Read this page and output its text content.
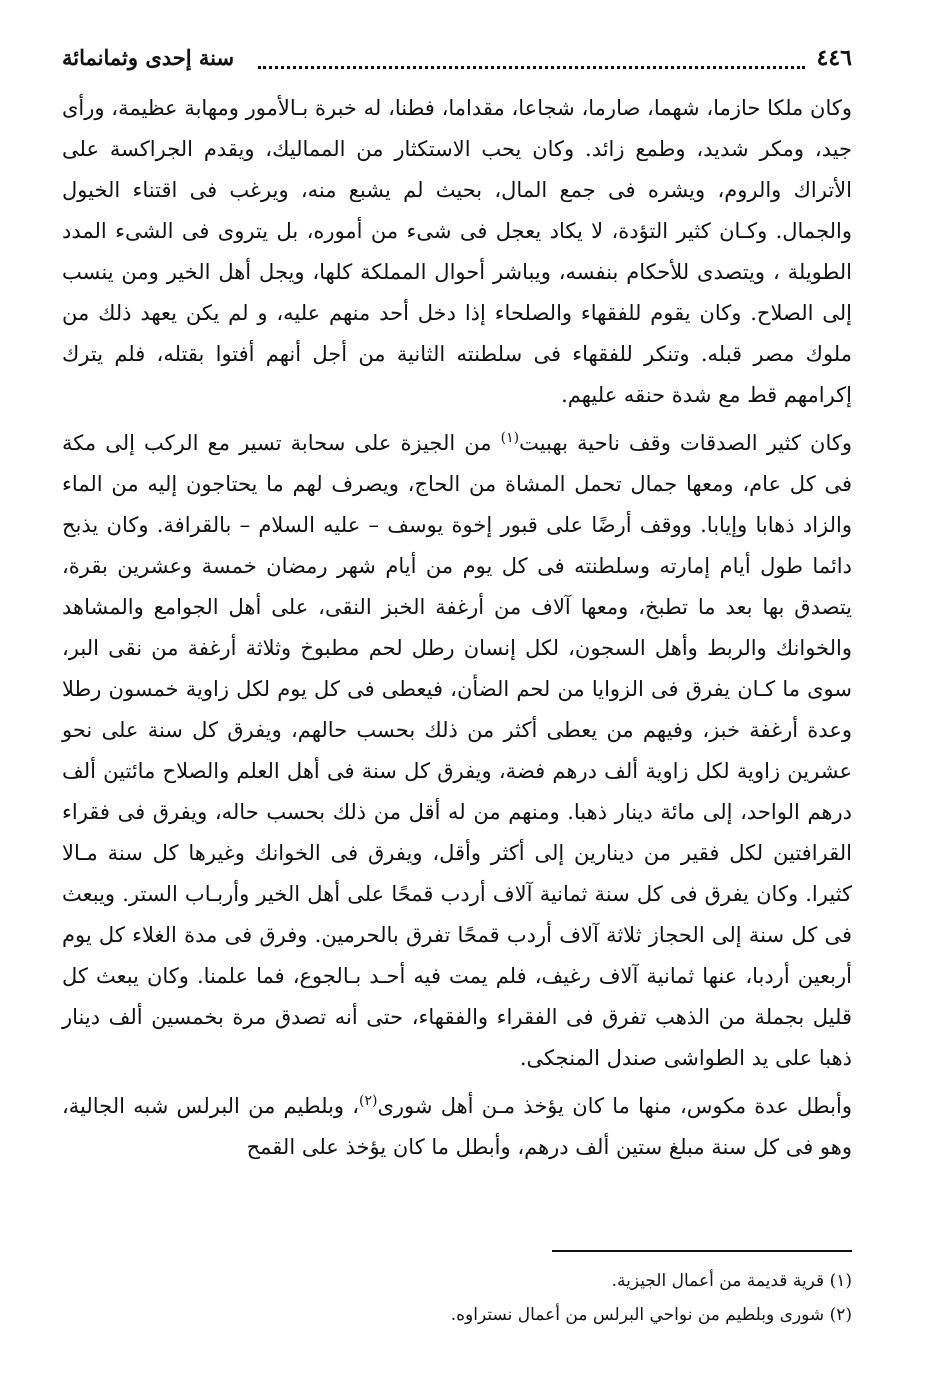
٤٤٦
سنة إحدى وثمانمائة

وكان ملكا حازما، شهما، صارما، شجاعا، مقداما، فطنا، له خبرة بـالأمور ومهابة عظيمة، ورأى جيد، ومكر شديد، وطمع زائد. وكان يحب الاستكثار من المماليك، ويقدم الجراكسة على الأتراك والروم، ويشره فى جمع المال، بحيث لم يشبع منه، ويرغب فى اقتناء الخيول والجمال. وكـان كثير التؤدة، لا يكاد يعجل فى شىء من أموره، بل يتروى فى الشىء المدد الطويلة ، ويتصدى للأحكام بنفسه، ويباشر أحوال المملكة كلها، ويجل أهل الخير ومن ينسب إلى الصلاح. وكان يقوم للفقهاء والصلحاء إذا دخل أحد منهم عليه، و لم يكن يعهد ذلك من ملوك مصر قبله. وتنكر للفقهاء فى سلطنته الثانية من أجل أنهم أفتوا بقتله، فلم يترك إكرامهم قط مع شدة حنقه عليهم.

وكان كثير الصدقات وقف ناحية بهبيت$^{(١)}$ من الجيزة على سحابة تسير مع الركب إلى مكة فى كل عام، ومعها جمال تحمل المشاة من الحاج، ويصرف لهم ما يحتاجون إليه من الماء والزاد ذهابا وإيابا. ووقف أرضًا على قبور إخوة يوسف – عليه السلام – بالقرافة. وكان يذبح دائما طول أيام إمارته وسلطنته فى كل يوم من أيام شهر رمضان خمسة وعشرين بقرة، يتصدق بها بعد ما تطبخ، ومعها آلاف من أرغفة الخبز النقى، على أهل الجوامع والمشاهد والخوانك والربط وأهل السجون، لكل إنسان رطل لحم مطبوخ وثلاثة أرغفة من نقى البر، سوى ما كـان يفرق فى الزوايا من لحم الضأن، فيعطى فى كل يوم لكل زاوية خمسون رطلا وعدة أرغفة خبز، وفيهم من يعطى أكثر من ذلك بحسب حالهم، ويفرق كل سنة على نحو عشرين زاوية لكل زاوية ألف درهم فضة، ويفرق كل سنة فى أهل العلم والصلاح مائتين ألف درهم الواحد، إلى مائة دينار ذهبا. ومنهم من له أقل من ذلك بحسب حاله، ويفرق فى فقراء القرافتين لكل فقير من دينارين إلى أكثر وأقل، ويفرق فى الخوانك وغيرها كل سنة مـالا كثيرا. وكان يفرق فى كل سنة ثمانية آلاف أردب قمحًا على أهل الخير وأربـاب الستر. ويبعث فى كل سنة إلى الحجاز ثلاثة آلاف أردب قمحًا تفرق بالحرمين. وفرق فى مدة الغلاء كل يوم أربعين أردبا، عنها ثمانية آلاف رغيف، فلم يمت فيه أحـد بـالجوع، فما علمنا. وكان يبعث كل قليل بجملة من الذهب تفرق فى الفقراء والفقهاء، حتى أنه تصدق مرة بخمسين ألف دينار ذهبا على يد الطواشى صندل المنجكى.

وأبطل عدة مكوس، منها ما كان يؤخذ مـن أهل شورى$^{(٢)}$، وبلطيم من البرلس شبه الجالية، وهو فى كل سنة مبلغ ستين ألف درهم، وأبطل ما كان يؤخذ على القمح

(١) قرية قديمة من أعمال الجيزية.

(٢) شورى وبلطيم من نواحي البرلس من أعمال نستراوه.
